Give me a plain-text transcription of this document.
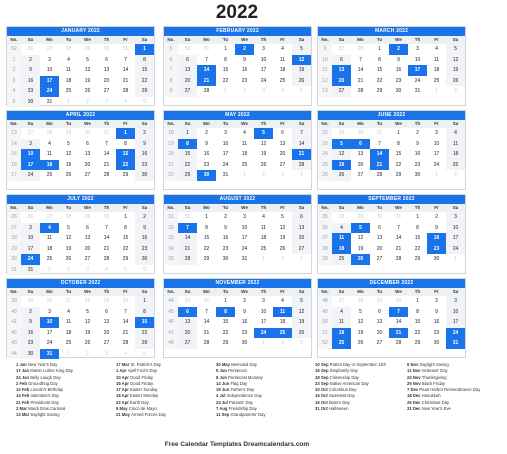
2022
JANUARY 2022
No.	Su	Mo	Tu	We	Th	Fr	Sa
52	26	27	28	29	30	31	1
1	2	3	4	5	6	7	8
2	9	10	11	12	13	14	15
3	16	17	18	19	20	21	22
4	23	24	25	26	27	28	29
5	30	31	1	2	3	4	5
FEBRUARY 2022
No.	Su	Mo	Tu	We	Th	Fr	Sa
5	30	31	1	2	3	4	5
6	6	7	8	9	10	11	12
7	13	14	15	16	17	18	19
8	20	21	22	23	24	25	26
9	27	28	1	2	3	4	5
MARCH 2022
No.	Su	Mo	Tu	We	Th	Fr	Sa
9	27	28	1	2	3	4	5
10	6	7	8	9	10	11	12
11	13	14	15	16	17	18	19
12	20	21	22	23	24	25	26
13	27	28	29	30	31	1	2
APRIL 2022
No.	Su	Mo	Tu	We	Th	Fr	Sa
13	27	28	29	30	31	1	2
14	3	4	5	6	7	8	9
15	10	11	12	13	14	15	16
16	17	18	19	20	21	22	23
17	24	25	26	27	28	29	30
MAY 2022
No.	Su	Mo	Tu	We	Th	Fr	Sa
18	1	2	3	4	5	6	7
19	8	9	10	11	12	13	14
20	15	16	17	18	19	20	21
21	22	23	24	25	26	27	28
22	29	30	31	1	2	3	4
JUNE 2022
No.	Su	Mo	Tu	We	Th	Fr	Sa
22	29	30	31	1	2	3	4
23	5	6	7	8	9	10	11
24	12	13	14	15	16	17	18
25	19	20	21	22	23	24	25
26	26	27	28	29	30	1	2
JULY 2022
No.	Su	Mo	Tu	We	Th	Fr	Sa
26	26	27	28	29	30	1	2
27	3	4	5	6	7	8	9
28	10	11	12	13	14	15	16
29	17	18	19	20	21	22	23
30	24	25	26	27	28	29	30
31	31	1	2	3	4	5	6
AUGUST 2022
No.	Su	Mo	Tu	We	Th	Fr	Sa
31	31	1	2	3	4	5	6
32	7	8	9	10	11	12	13
33	14	15	16	17	18	19	20
34	21	22	23	24	25	26	27
35	28	29	30	31	1	2	3
SEPTEMBER 2022
No.	Su	Mo	Tu	We	Th	Fr	Sa
35	28	29	30	31	1	2	3
36	4	5	6	7	8	9	10
37	11	12	13	14	15	16	17
38	18	19	20	21	22	23	24
39	25	26	27	28	29	30	1
OCTOBER 2022
No.	Su	Mo	Tu	We	Th	Fr	Sa
39	25	26	27	28	29	30	1
40	2	3	4	5	6	7	8
41	9	10	11	12	13	14	15
42	16	17	18	19	20	21	22
43	23	24	25	26	27	28	29
44	30	31	1	2	3	4	5
NOVEMBER 2022
No.	Su	Mo	Tu	We	Th	Fr	Sa
44	30	31	1	2	3	4	5
45	6	7	8	9	10	11	12
46	13	14	15	16	17	18	19
47	20	21	22	23	24	25	26
48	27	28	29	30	1	2	3
DECEMBER 2022
No.	Su	Mo	Tu	We	Th	Fr	Sa
48	27	28	29	30	1	2	3
49	4	5	6	7	8	9	10
50	11	12	13	14	15	16	17
51	18	19	20	21	22	23	24
52	25	26	27	28	29	30	31
1 Jan New Year's Day
17 Jan Martin Luther King Day
24 Jan Belly Laugh Day
2 Feb Groundhog Day
12 Feb Lincoln's Birthday
14 Feb Valentine's Day
21 Feb Presidents Day
2 Mar Mardi Gras Carnival
13 Mar Daylight Saving
17 Mar St. Patrick's Day
1 Apr April Fool's Day
10 Apr Good Friday
15 Apr Good Friday
17 Apr Easter Sunday
18 Apr Easter Monday
22 Apr Earth Day
5 May Cinco de Mayo
21 May Armed Forces Day
30 May Memorial Day
5 Jun Pentecost
6 Jun Pentecost Monday
14 Jun Flag Day
19 Jun Father's Day
4 Jul Independence Day
24 Jul Parents' Day
7 Aug Friendship Day
11 Sep Grandparents' Day
10 Sep Patriot Day or September 11th
16 Sep Stepfamily Day
18 Sep Citizenship Day
23 Sep Native American Day
10 Oct Columbus Day
15 Oct Sweetest Day
16 Oct Boss's Day
31 Oct Halloween
6 Nov Daylight Saving
11 Nov Veterans' Day
24 Nov Thanksgiving
25 Nov Black Friday
7 Dec Pearl Harbor Remembrance Day
18 Dec Hanukkah
25 Dec Christmas Day
31 Dec New Year's Eve
Free Calendar Templates Dreamcalendars.com
